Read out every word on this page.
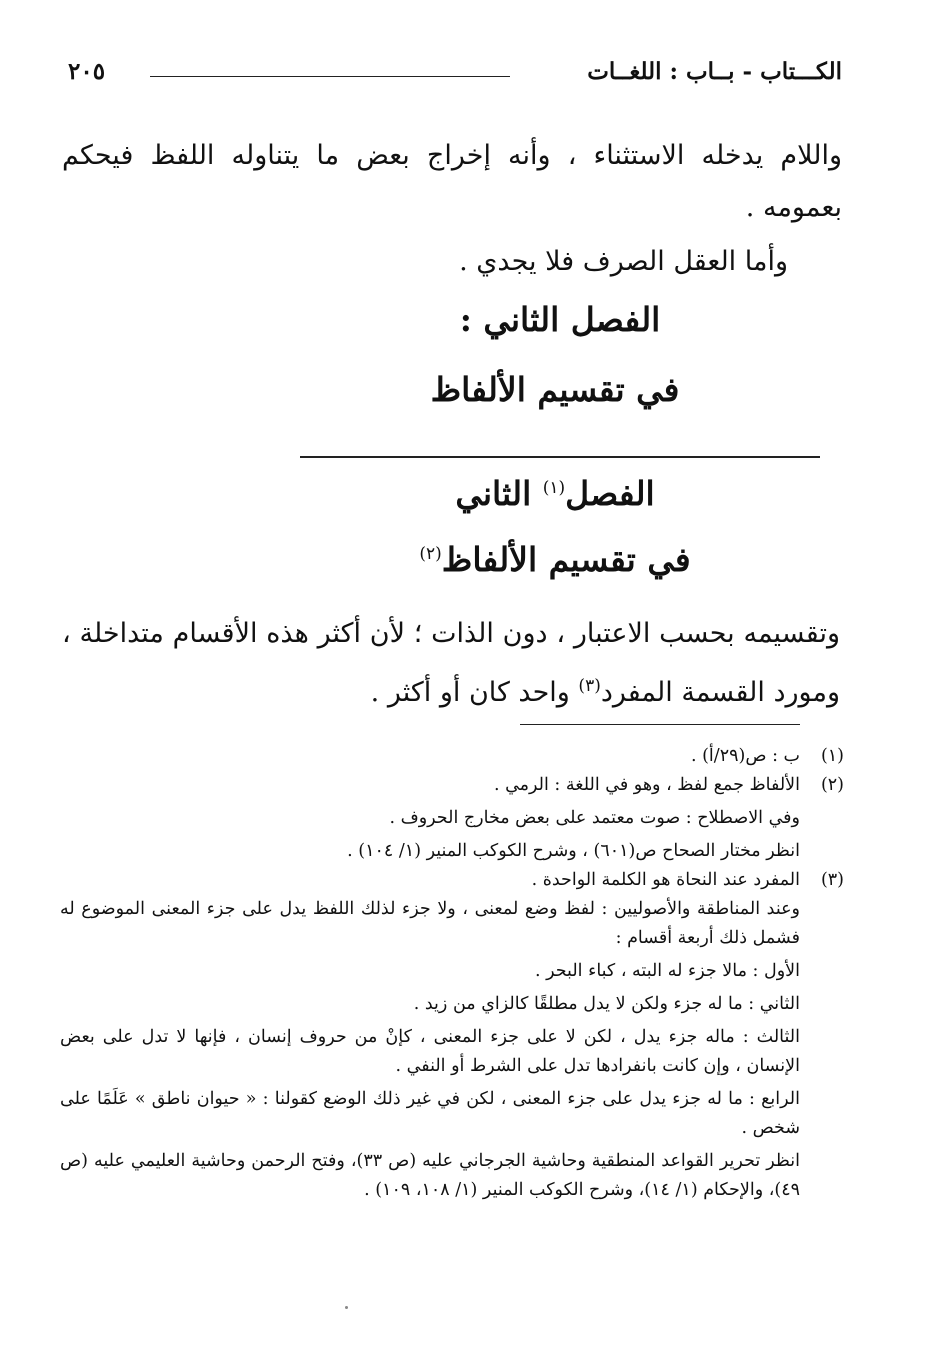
الكـــتاب - بــاب : اللغــات
٢٠٥

واللام يدخله الاستثناء ، وأنه إخراج بعض ما يتناوله اللفظ فيحكم بعمومه .

وأما العقل الصرف فلا يجدي .

الفصل الثاني :
في تقسيم الألفاظ
الفصل$^{(١)}$ الثاني
في تقسيم الألفاظ$^{(٢)}$

وتقسيمه بحسب الاعتبار ، دون الذات ؛ لأن أكثر هذه الأقسام متداخلة ، ومورد القسمة المفرد$^{(٣)}$ واحد كان أو أكثر .

(١)
ب : ص(٢٩/أ) .
(٢)
الألفاظ جمع لفظ ، وهو في اللغة : الرمي .
وفي الاصطلاح : صوت معتمد على بعض مخارج الحروف .
انظر مختار الصحاح ص(٦٠١) ، وشرح الكوكب المنير (١/ ١٠٤) .
(٣)
المفرد عند النحاة هو الكلمة الواحدة .
وعند المناطقة والأصوليين : لفظ وضع لمعنى ، ولا جزء لذلك اللفظ يدل على جزء المعنى الموضوع له فشمل ذلك أربعة أقسام :
الأول : مالا جزء له البته ، كباء البحر .
الثاني : ما له جزء ولكن لا يدل مطلقًا كالزاي من زيد .
الثالث : ماله جزء يدل ، لكن لا على جزء المعنى ، كإنْ من حروف إنسان ، فإنها لا تدل على بعض الإنسان ، وإن كانت بانفرادها تدل على الشرط أو النفي .
الرابع : ما له جزء يدل على جزء المعنى ، لكن في غير ذلك الوضع كقولنا : « حيوان ناطق » عَلَمًا على شخص .
انظر تحرير القواعد المنطقية وحاشية الجرجاني عليه (ص ٣٣)، وفتح الرحمن وحاشية العليمي عليه (ص ٤٩)، والإحكام (١/ ١٤)، وشرح الكوكب المنير (١/ ١٠٨، ١٠٩) .
